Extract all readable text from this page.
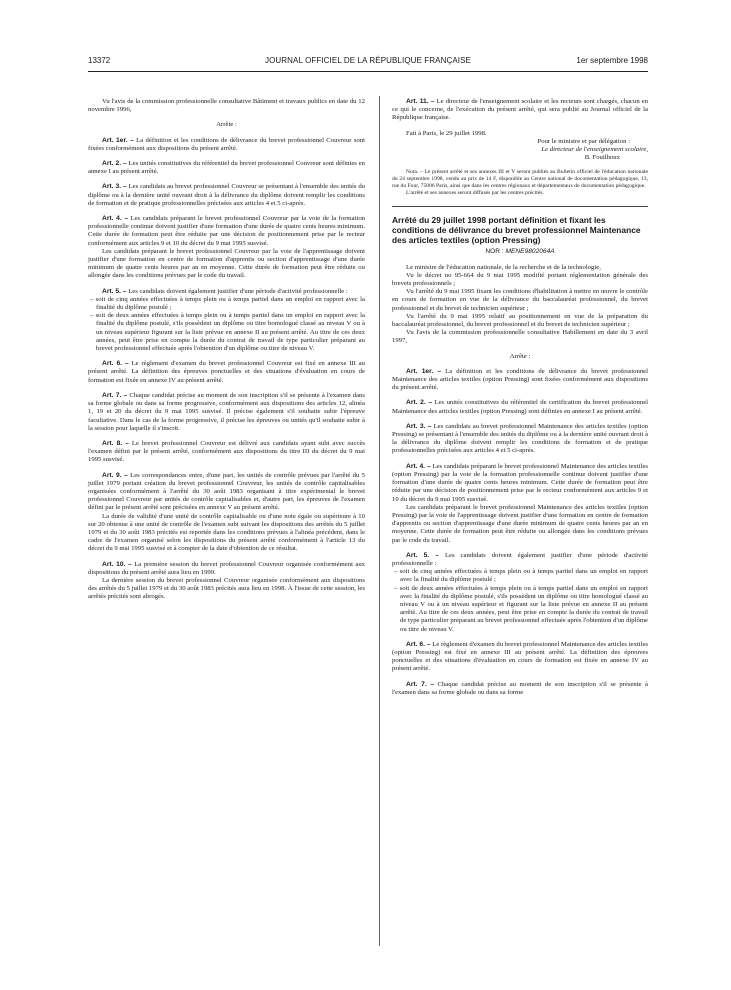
13372	JOURNAL OFFICIEL DE LA RÉPUBLIQUE FRANÇAISE	1er septembre 1998

Vu l'avis de la commission professionnelle consultative Bâtiment et travaux publics en date du 12 novembre 1996,

Arrête :

Art. 1er. – La définition et les conditions de délivrance du brevet professionnel Couvreur sont fixées conformément aux dispositions du présent arrêté.

Art. 2. – Les unités constitutives du référentiel du brevet professionnel Couvreur sont définies en annexe I au présent arrêté.

Art. 3. – Les candidats au brevet professionnel Couvreur se présentant à l'ensemble des unités du diplôme ou à la dernière unité ouvrant droit à la délivrance du diplôme doivent remplir les conditions de formation et de pratique professionnelles précisées aux articles 4 et 5 ci-après.

Art. 4. – Les candidats préparant le brevet professionnel Couvreur par la voie de la formation professionnelle continue doivent justifier d'une formation d'une durée de quatre cents heures minimum. Cette durée de formation peut être réduite par une décision de positionnement prise par le recteur conformément aux articles 9 et 10 du décret du 9 mai 1995 susvisé.

Les candidats préparant le brevet professionnel Couvreur par la voie de l'apprentissage doivent justifier d'une formation en centre de formation d'apprentis ou section d'apprentissage d'une durée minimum de quatre cents heures par an en moyenne. Cette durée de formation peut être réduite ou allongée dans les conditions prévues par le code du travail.

Art. 5. – Les candidats doivent également justifier d'une période d'activité professionnelle :

– soit de cinq années effectuées à temps plein ou à temps partiel dans un emploi en rapport avec la finalité du diplôme postulé ;

– soit de deux années effectuées à temps plein ou à temps partiel dans un emploi en rapport avec la finalité du diplôme postulé, s'ils possèdent un diplôme ou titre homologué classé au niveau V ou à un niveau supérieur figurant sur la liste prévue en annexe II au présent arrêté. Au titre de ces deux années, peut être prise en compte la durée du contrat de travail de type particulier préparant au brevet professionnel effectuée après l'obtention d'un diplôme ou titre de niveau V.

Art. 6. – Le règlement d'examen du brevet professionnel Couvreur est fixé en annexe III au présent arrêté. La définition des épreuves ponctuelles et des situations d'évaluation en cours de formation est fixée en annexe IV au présent arrêté.

Art. 7. – Chaque candidat précise au moment de son inscription s'il se présente à l'examen dans sa forme globale ou dans sa forme progressive, conformément aux dispositions des articles 12, alinéa 1, 19 et 20 du décret du 9 mai 1995 susvisé. Il précise également s'il souhaite subir l'épreuve facultative. Dans le cas de la forme progressive, il précise les épreuves ou unités qu'il souhaite subir à la session pour laquelle il s'inscrit.

Art. 8. – Le brevet professionnel Couvreur est délivré aux candidats ayant subi avec succès l'examen défini par le présent arrêté, conformément aux dispositions du titre III du décret du 9 mai 1995 susvisé.

Art. 9. – Les correspondances entre, d'une part, les unités de contrôle prévues par l'arrêté du 5 juillet 1979 portant création du brevet professionnel Couvreur, les unités de contrôle capitalisables organisées conformément à l'arrêté du 30 août 1983 organisant à titre expérimental le brevet professionnel Couvreur par unités de contrôle capitalisables et, d'autre part, les épreuves de l'examen défini par le présent arrêté sont précisées en annexe V au présent arrêté.

La durée de validité d'une unité de contrôle capitalisable ou d'une note égale ou supérieure à 10 sur 20 obtenue à une unité de contrôle de l'examen subi suivant les dispositions des arrêtés du 5 juillet 1979 et du 30 août 1983 précités est reportée dans les conditions prévues à l'alinéa précédent, dans le cadre de l'examen organisé selon les dispositions du présent arrêté conformément à l'article 13 du décret du 9 mai 1995 susvisé et à compter de la date d'obtention de ce résultat.

Art. 10. – La première session du brevet professionnel Couvreur organisée conformément aux dispositions du présent arrêté aura lieu en 1999.

La dernière session du brevet professionnel Couvreur organisée conformément aux dispositions des arrêtés du 5 juillet 1979 et du 30 août 1983 précités aura lieu en 1998. À l'issue de cette session, les arrêtés précités sont abrogés.

Art. 11. – Le directeur de l'enseignement scolaire et les recteurs sont chargés, chacun en ce qui le concerne, de l'exécution du présent arrêté, qui sera publié au Journal officiel de la République française.

Fait à Paris, le 29 juillet 1998.

Pour le ministre et par délégation :

Le directeur de l'enseignement scolaire,

B. Fouilhoux

Nota. – Le présent arrêté et ses annexes III et V seront publiés au Bulletin officiel de l'éducation nationale du 24 septembre 1998, vendu au prix de 14 F, disponible au Centre national de documentation pédagogique, 13, rue du Four, 75006 Paris, ainsi que dans les centres régionaux et départementaux de documentation pédagogique.

L'arrêté et ses annexes seront diffusés par les centres précités.

Arrêté du 29 juillet 1998 portant définition et fixant les conditions de délivrance du brevet professionnel Maintenance des articles textiles (option Pressing)

NOR : MENE9802064A

Le ministre de l'éducation nationale, de la recherche et de la technologie,

Vu le décret no 95-664 du 9 mai 1995 modifié portant réglementation générale des brevets professionnels ;

Vu l'arrêté du 9 mai 1995 fixant les conditions d'habilitation à mettre en œuvre le contrôle en cours de formation en vue de la délivrance du baccalauréat professionnel, du brevet professionnel et du brevet de technicien supérieur ;

Vu l'arrêté du 9 mai 1995 relatif au positionnement en vue de la préparation du baccalauréat professionnel, du brevet professionnel et du brevet de technicien supérieur ;

Vu l'avis de la commission professionnelle consultative Habillement en date du 3 avril 1997,

Arrête :

Art. 1er. – La définition et les conditions de délivrance du brevet professionnel Maintenance des articles textiles (option Pressing) sont fixées conformément aux dispositions du présent arrêté.

Art. 2. – Les unités constitutives du référentiel de certification du brevet professionnel Maintenance des articles textiles (option Pressing) sont définies en annexe I au présent arrêté.

Art. 3. – Les candidats au brevet professionnel Maintenance des articles textiles (option Pressing) se présentant à l'ensemble des unités du diplôme ou à la dernière unité ouvrant droit à la délivrance du diplôme doivent remplir les conditions de formation et de pratique professionnelles précisées aux articles 4 et 5 ci-après.

Art. 4. – Les candidats préparant le brevet professionnel Maintenance des articles textiles (option Pressing) par la voie de la formation professionnelle continue doivent justifier d'une formation d'une durée de quatre cents heures minimum. Cette durée de formation peut être réduite par une décision de positionnement prise par le recteur conformément aux articles 9 et 10 du décret du 9 mai 1995 susvisé.

Les candidats préparant le brevet professionnel Maintenance des articles textiles (option Pressing) par la voie de l'apprentissage doivent justifier d'une formation en centre de formation d'apprentis ou section d'apprentissage d'une durée minimum de quatre cents heures par an en moyenne. Cette durée de formation peut être réduite ou allongée dans les conditions prévues par le code du travail.

Art. 5. – Les candidats doivent également justifier d'une période d'activité professionnelle :

– soit de cinq années effectuées à temps plein ou à temps partiel dans un emploi en rapport avec la finalité du diplôme postulé ;

– soit de deux années effectuées à temps plein ou à temps partiel dans un emploi en rapport avec la finalité du diplôme postulé, s'ils possèdent un diplôme ou titre homologué classé au niveau V ou à un niveau supérieur et figurant sur la liste prévue en annexe II au présent arrêté. Au titre de ces deux années, peut être prise en compte la durée du contrat de travail de type particulier préparant au brevet professionnel effectuée après l'obtention d'un diplôme ou titre de niveau V.

Art. 6. – Le règlement d'examen du brevet professionnel Maintenance des articles textiles (option Pressing) est fixé en annexe III au présent arrêté. La définition des épreuves ponctuelles et des situations d'évaluation en cours de formation est fixée en annexe IV au présent arrêté.

Art. 7. – Chaque candidat précise au moment de son inscription s'il se présente à l'examen dans sa forme globale ou dans sa forme
